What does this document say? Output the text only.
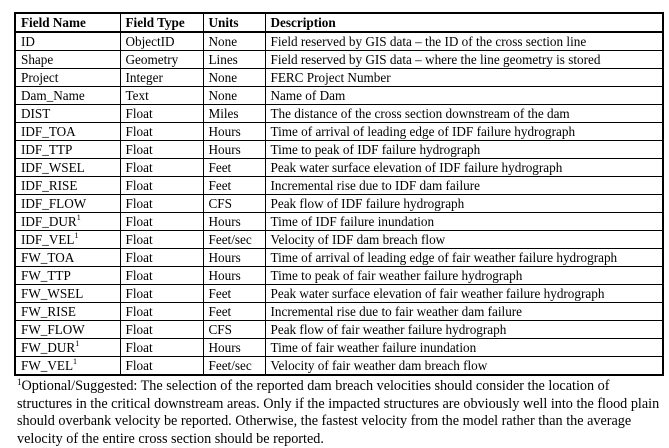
Field Name	Field Type	Units	Description
ID	ObjectID	None	Field reserved by GIS data – the ID of the cross section line
Shape	Geometry	Lines	Field reserved by GIS data – where the line geometry is stored
Project	Integer	None	FERC Project Number
Dam_Name	Text	None	Name of Dam
DIST	Float	Miles	The distance of the cross section downstream of the dam
IDF_TOA	Float	Hours	Time of arrival of leading edge of IDF failure hydrograph
IDF_TTP	Float	Hours	Time to peak of IDF failure hydrograph
IDF_WSEL	Float	Feet	Peak water surface elevation of IDF failure hydrograph
IDF_RISE	Float	Feet	Incremental rise due to IDF dam failure
IDF_FLOW	Float	CFS	Peak flow of IDF failure hydrograph
IDF_DUR$^1$	Float	Hours	Time of IDF failure inundation
IDF_VEL$^1$	Float	Feet/sec	Velocity of IDF dam breach flow
FW_TOA	Float	Hours	Time of arrival of leading edge of fair weather failure hydrograph
FW_TTP	Float	Hours	Time to peak of fair weather failure hydrograph
FW_WSEL	Float	Feet	Peak water surface elevation of fair weather failure hydrograph
FW_RISE	Float	Feet	Incremental rise due to fair weather dam failure
FW_FLOW	Float	CFS	Peak flow of fair weather failure hydrograph
FW_DUR$^1$	Float	Hours	Time of fair weather failure inundation
FW_VEL$^1$	Float	Feet/sec	Velocity of fair weather dam breach flow
$^1$Optional/Suggested: The selection of the reported dam breach velocities should consider the location of structures in the critical downstream areas. Only if the impacted structures are obviously well into the flood plain should overbank velocity be reported. Otherwise, the fastest velocity from the model rather than the average velocity of the entire cross section should be reported.
